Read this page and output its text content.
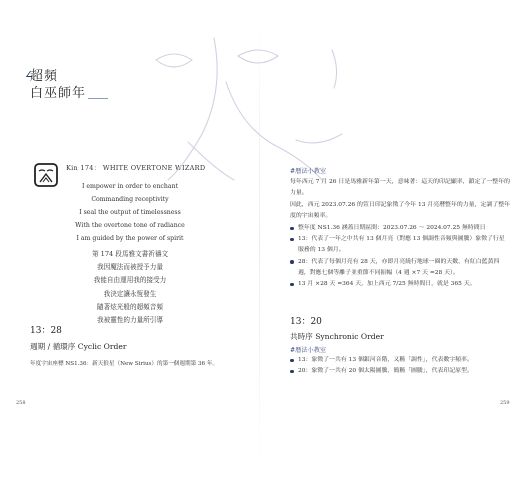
超頻
白巫師年
Kin 174： WHITE OVERTONE WIZARD
I empower in order to enchant
Commanding receptivity
I seal the output of timelessness
With the overtone tone of radiance
I am guided by the power of spirit
第 174 段馬雅文書祈禱文
我因魔法而被授予力量
我能自由運用我的接受力
我決定讓永恆發生
隨著炫光般的超頻音頻
我被靈性的力量所引導
13：28
週期 / 循環序 Cyclic Order
年度宇宙座標 NS1.36：新天狼星（New Sirius）的第一個週期第 36 年。
258
#曆法小教室
每年西元 7 月 26 日是馬雅新年第一天，意味著：這天的印記顯率，鎖定了一整年的力量。
因此，西元 2023.07.26 的萱日印記象徵了今年 13 月亮曆整年的力量，定調了整年度的宇宙頻率。
整年度 NS1.36 涵蓋日期區間：2023.07.26 ～ 2024.07.25 無時間日
13：代表了一年之中共有 13 個月亮（對應 13 個調性音頻與圖騰）象徵了行星服務的 13 個月。
28：代表了每個月亮有 28 天，亦即月亮繞行地球一圈的天數，有紅白藍黃四週，對應七個等離子並重節不同振幅（4 週 ×7 天 =28 天）。
13 月 ×28 天 =364 天，加上西元 7/25 無時間日，就是 365 天。
13：20
共時序 Synchronic Order
#曆法小教室
13：象徵了一共有 13 個銀河音階，又稱「調性」，代表數字頻率。
20：象徵了一共有 20 個太陽圖騰，簡稱「圖騰」，代表印記原型。
259
